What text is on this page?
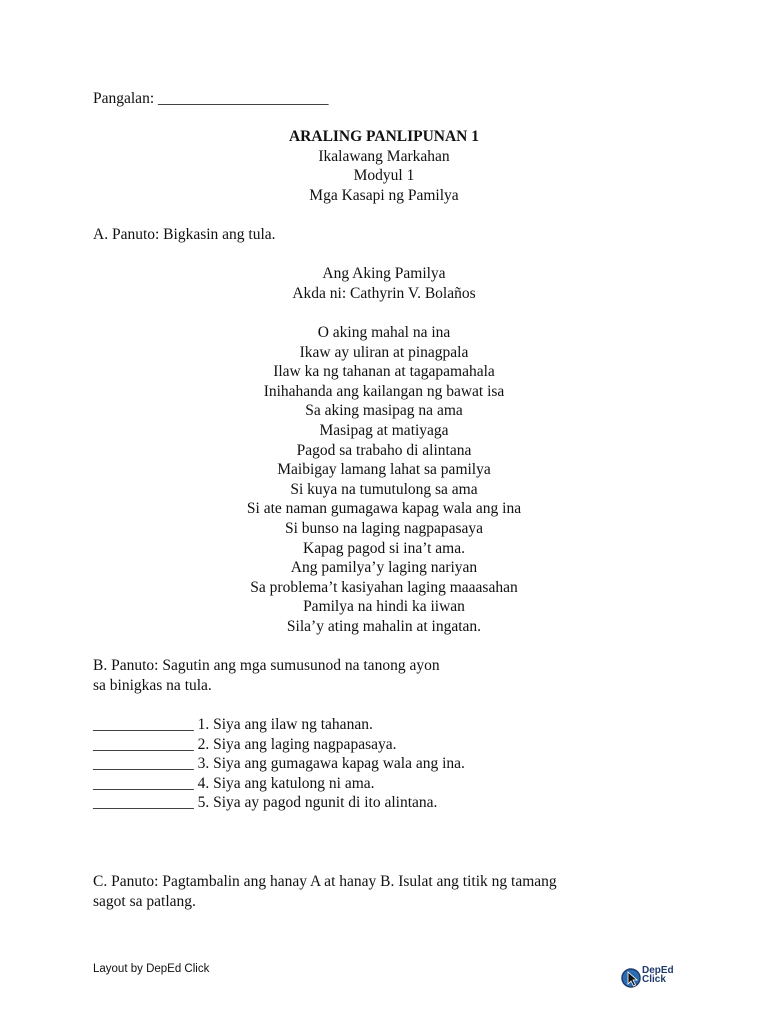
Pangalan: ______________________
ARALING PANLIPUNAN 1
Ikalawang Markahan
Modyul 1
Mga Kasapi ng Pamilya
A. Panuto: Bigkasin ang tula.
Ang Aking Pamilya
Akda ni: Cathyrin V. Bolaños
O aking mahal na ina
Ikaw ay uliran at pinagpala
Ilaw ka ng tahanan at tagapamahala
Inihahanda ang kailangan ng bawat isa
Sa aking masipag na ama
Masipag at matiyaga
Pagod sa trabaho di alintana
Maibigay lamang lahat sa pamilya
Si kuya na tumutulong sa ama
Si ate naman gumagawa kapag wala ang ina
Si bunso na laging nagpapasaya
Kapag pagod si ina’t ama.
Ang pamilya’y laging nariyan
Sa problema’t kasiyahan laging maaasahan
Pamilya na hindi ka iiwan
Sila’y ating mahalin at ingatan.
B. Panuto: Sagutin ang mga sumusunod na tanong ayon
sa binigkas na tula.
_____________ 1. Siya ang ilaw ng tahanan.
_____________ 2. Siya ang laging nagpapasaya.
_____________ 3. Siya ang gumagawa kapag wala ang ina.
_____________ 4. Siya ang katulong ni ama.
_____________ 5. Siya ay pagod ngunit di ito alintana.
C. Panuto: Pagtambalin ang hanay A at hanay B. Isulat ang titik ng tamang
sagot sa patlang.
Layout by DepEd Click	DepEd
Click
